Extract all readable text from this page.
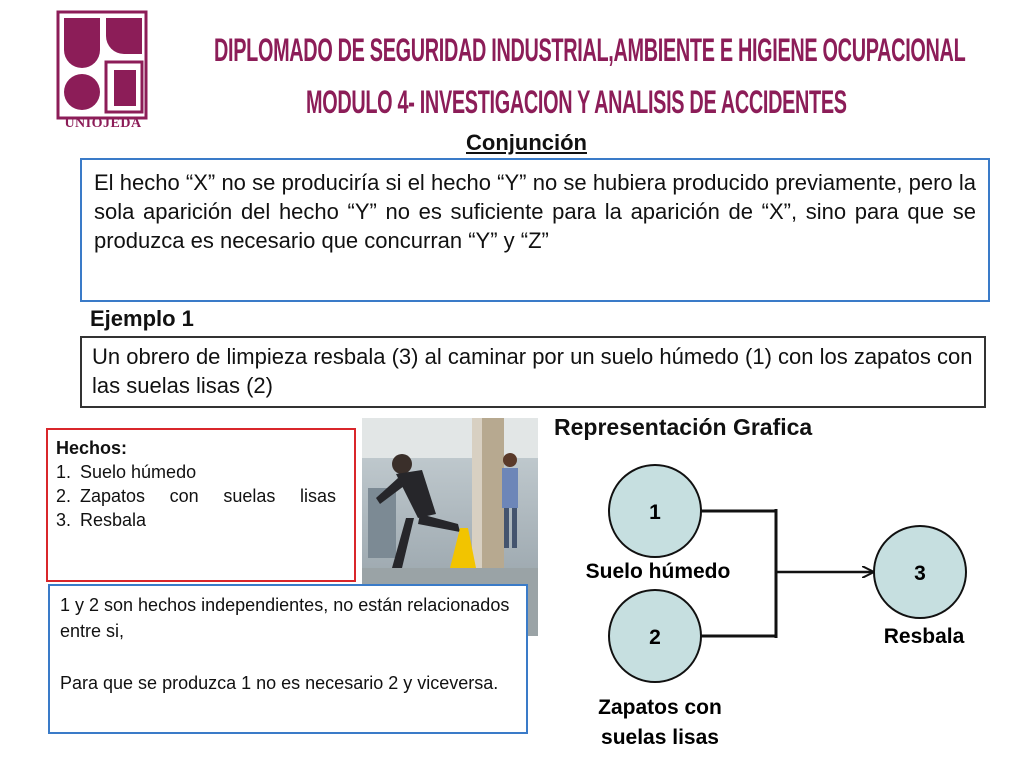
UNIOJEDA
DIPLOMADO DE SEGURIDAD INDUSTRIAL,AMBIENTE E HIGIENE OCUPACIONAL
MODULO 4- INVESTIGACION Y ANALISIS DE ACCIDENTES
Conjunción
El hecho “X” no se produciría si el hecho “Y” no se hubiera producido previamente, pero la sola aparición del hecho “Y” no es suficiente para la aparición de “X”, sino para que se produzca es necesario que concurran “Y” y “Z”
Ejemplo 1
Un obrero de limpieza resbala (3) al caminar por un suelo húmedo (1) con los zapatos con las suelas lisas (2)
Hechos:
1. Suelo húmedo
2. Zapatos con suelas lisas
3. Resbala

1 y 2 son hechos independientes, no están relacionados entre si,

Para que se produzca 1 no es necesario 2 y viceversa.

Representación Grafica
1
2
3
Suelo húmedo
Zapatos con
suelas lisas
Resbala
